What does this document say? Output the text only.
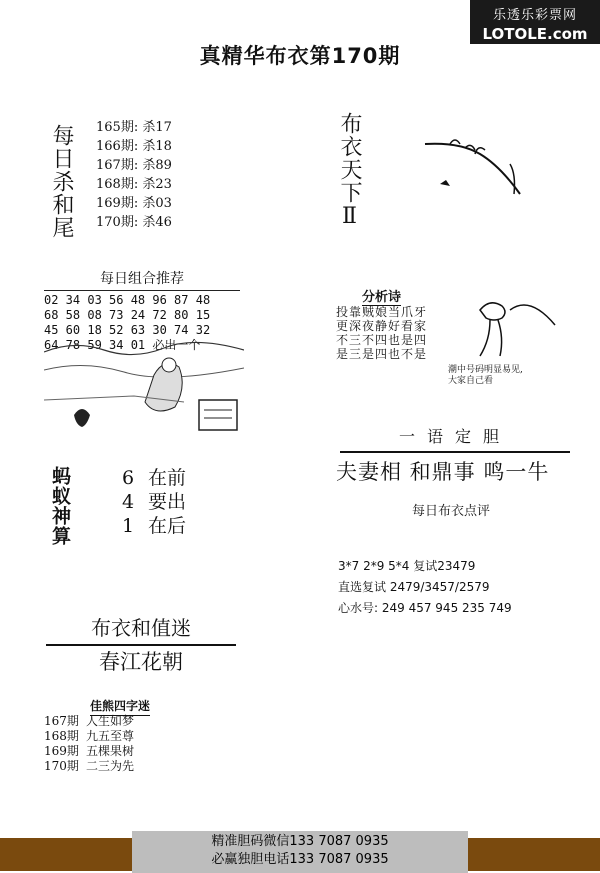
乐透乐彩票网
LOTOLE.com
真精华布衣第170期
每日杀和尾 165期: 杀17
166期: 杀18
167期: 杀89
168期: 杀23
169期: 杀03
170期: 杀46
每日组合推荐
02 34 03 56 48 96 87 48
68 58 08 73 24 72 80 15
45 60 18 52 63 30 74 32
64 78 59 34 01 必出一个
蚂蚁神算	6 在前
4 要出
1 在后
布衣和值迷
春江花朝
佳熊四字迷
167期 人生如梦
168期 九五至尊
169期 五棵果树
170期 二三为先
布衣天下Ⅱ
分析诗
投靠贼娘当爪牙
更深夜静好看家
不三不四也是四
是三是四也不是
潮中号码明显易见,
大家自己看
一语定胆
夫妻相 和鼎事 鸣一牛
每日布衣点评
3*7 2*9 5*4 复试23479
直选复试 2479/3457/2579
心水号: 249 457 945 235 749
精准胆码微信133 7087 0935
必赢独胆电话133 7087 0935
